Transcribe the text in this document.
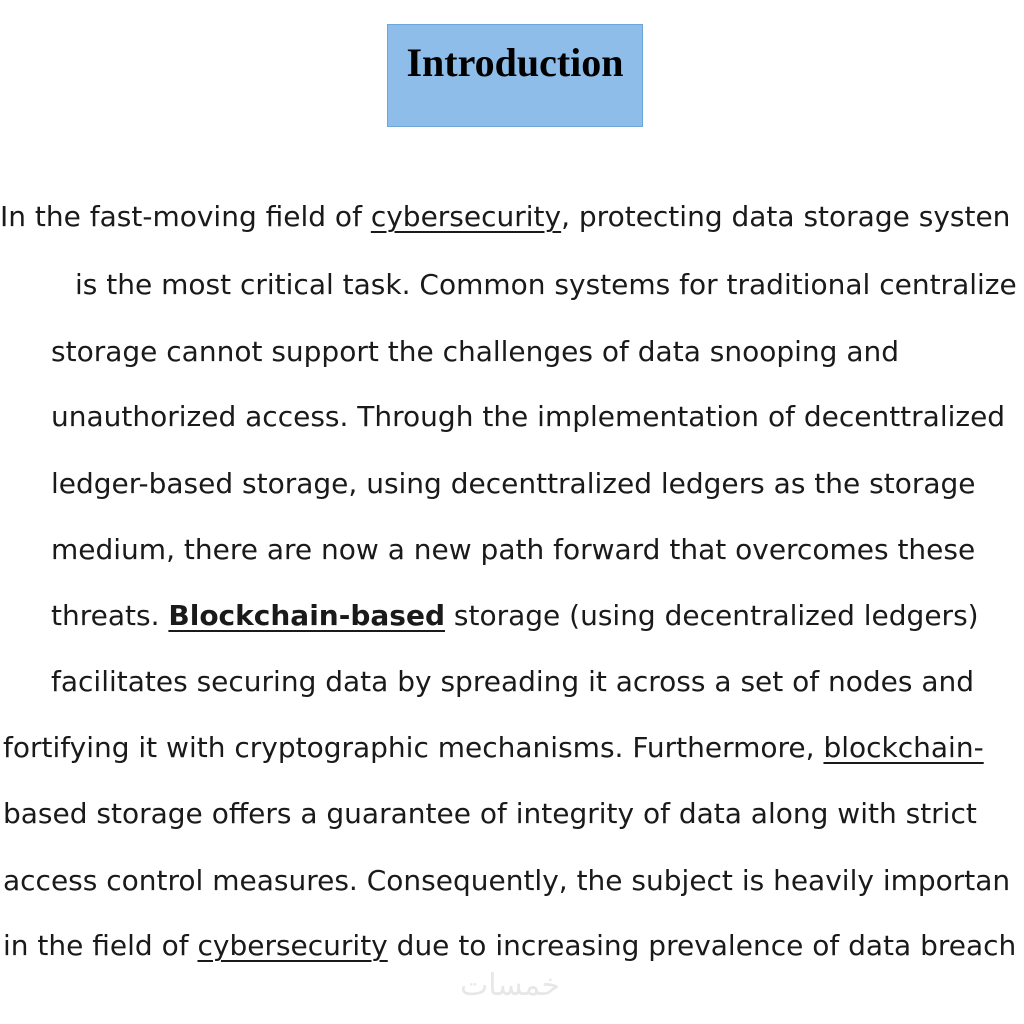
Introduction
In the fast-moving field of cybersecurity, protecting data storage systen
is the most critical task. Common systems for traditional centralize
storage cannot support the challenges of data snooping and
unauthorized access. Through the implementation of decenttralized
ledger-based storage, using decenttralized ledgers as the storage
medium, there are now a new path forward that overcomes these
threats. Blockchain-based storage (using decentralized ledgers)
facilitates securing data by spreading it across a set of nodes and
fortifying it with cryptographic mechanisms. Furthermore, blockchain-
based storage offers a guarantee of integrity of data along with strict
access control measures. Consequently, the subject is heavily importan
in the field of cybersecurity due to increasing prevalence of data breach
خمسات
